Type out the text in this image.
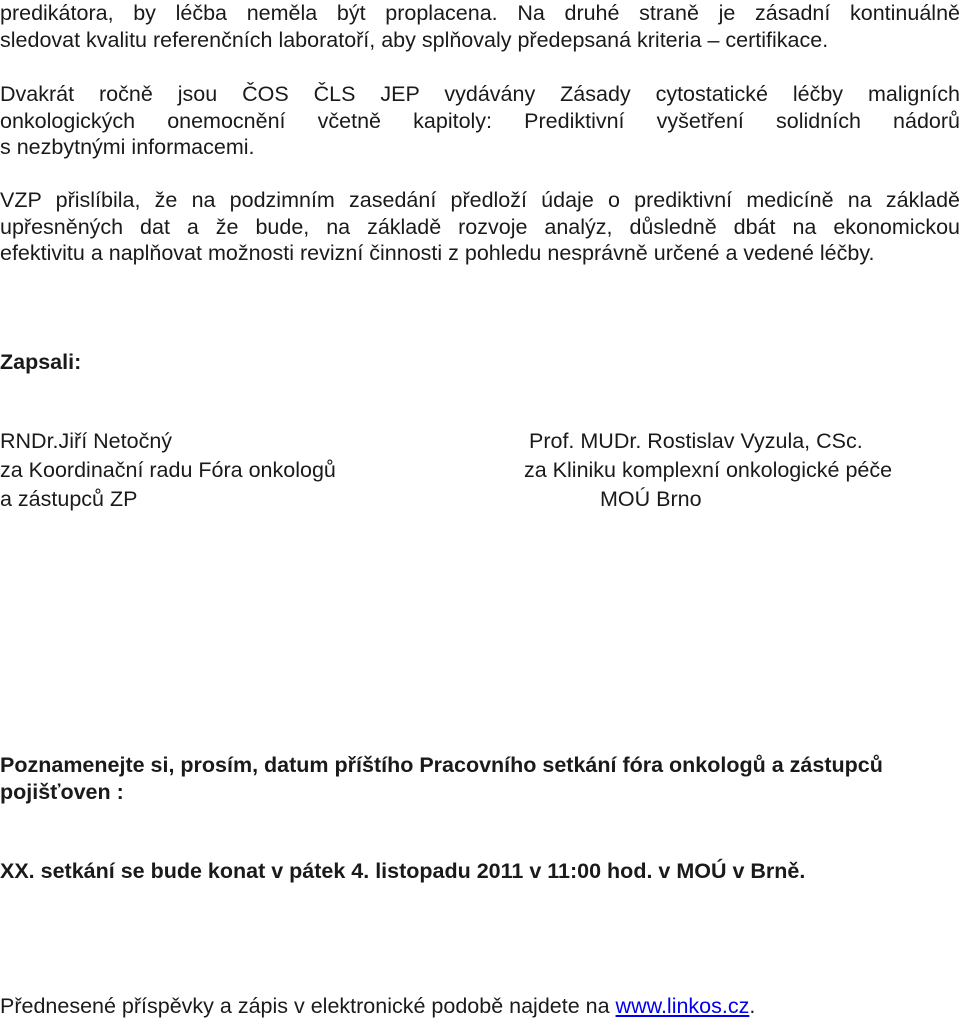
predikátora, by léčba neměla být proplacena. Na druhé straně je zásadní kontinuálně
sledovat kvalitu referenčních laboratoří, aby splňovaly předepsaná kriteria – certifikace.
Dvakrát ročně jsou ČOS ČLS JEP vydávány Zásady cytostatické léčby maligních
onkologických onemocnění včetně kapitoly: Prediktivní vyšetření solidních nádorů
s nezbytnými informacemi.
VZP přislíbila, že na podzimním zasedání předloží údaje o prediktivní medicíně na základě
upřesněných dat a že bude, na základě rozvoje analýz, důsledně dbát na ekonomickou
efektivitu a naplňovat možnosti revizní činnosti z pohledu nesprávně určené a vedené léčby.
Zapsali:
RNDr.Jiří Netočný
za Koordinační radu Fóra onkologů
a zástupců ZP
Prof. MUDr. Rostislav Vyzula, CSc.
za Kliniku komplexní onkologické péče
MOÚ Brno
Poznamenejte si, prosím, datum příštího Pracovního setkání fóra onkologů a zástupců
pojišťoven :
XX. setkání se bude konat v pátek 4. listopadu 2011 v 11:00 hod. v MOÚ v Brně.
Přednesené příspěvky a zápis v elektronické podobě najdete na www.linkos.cz.
